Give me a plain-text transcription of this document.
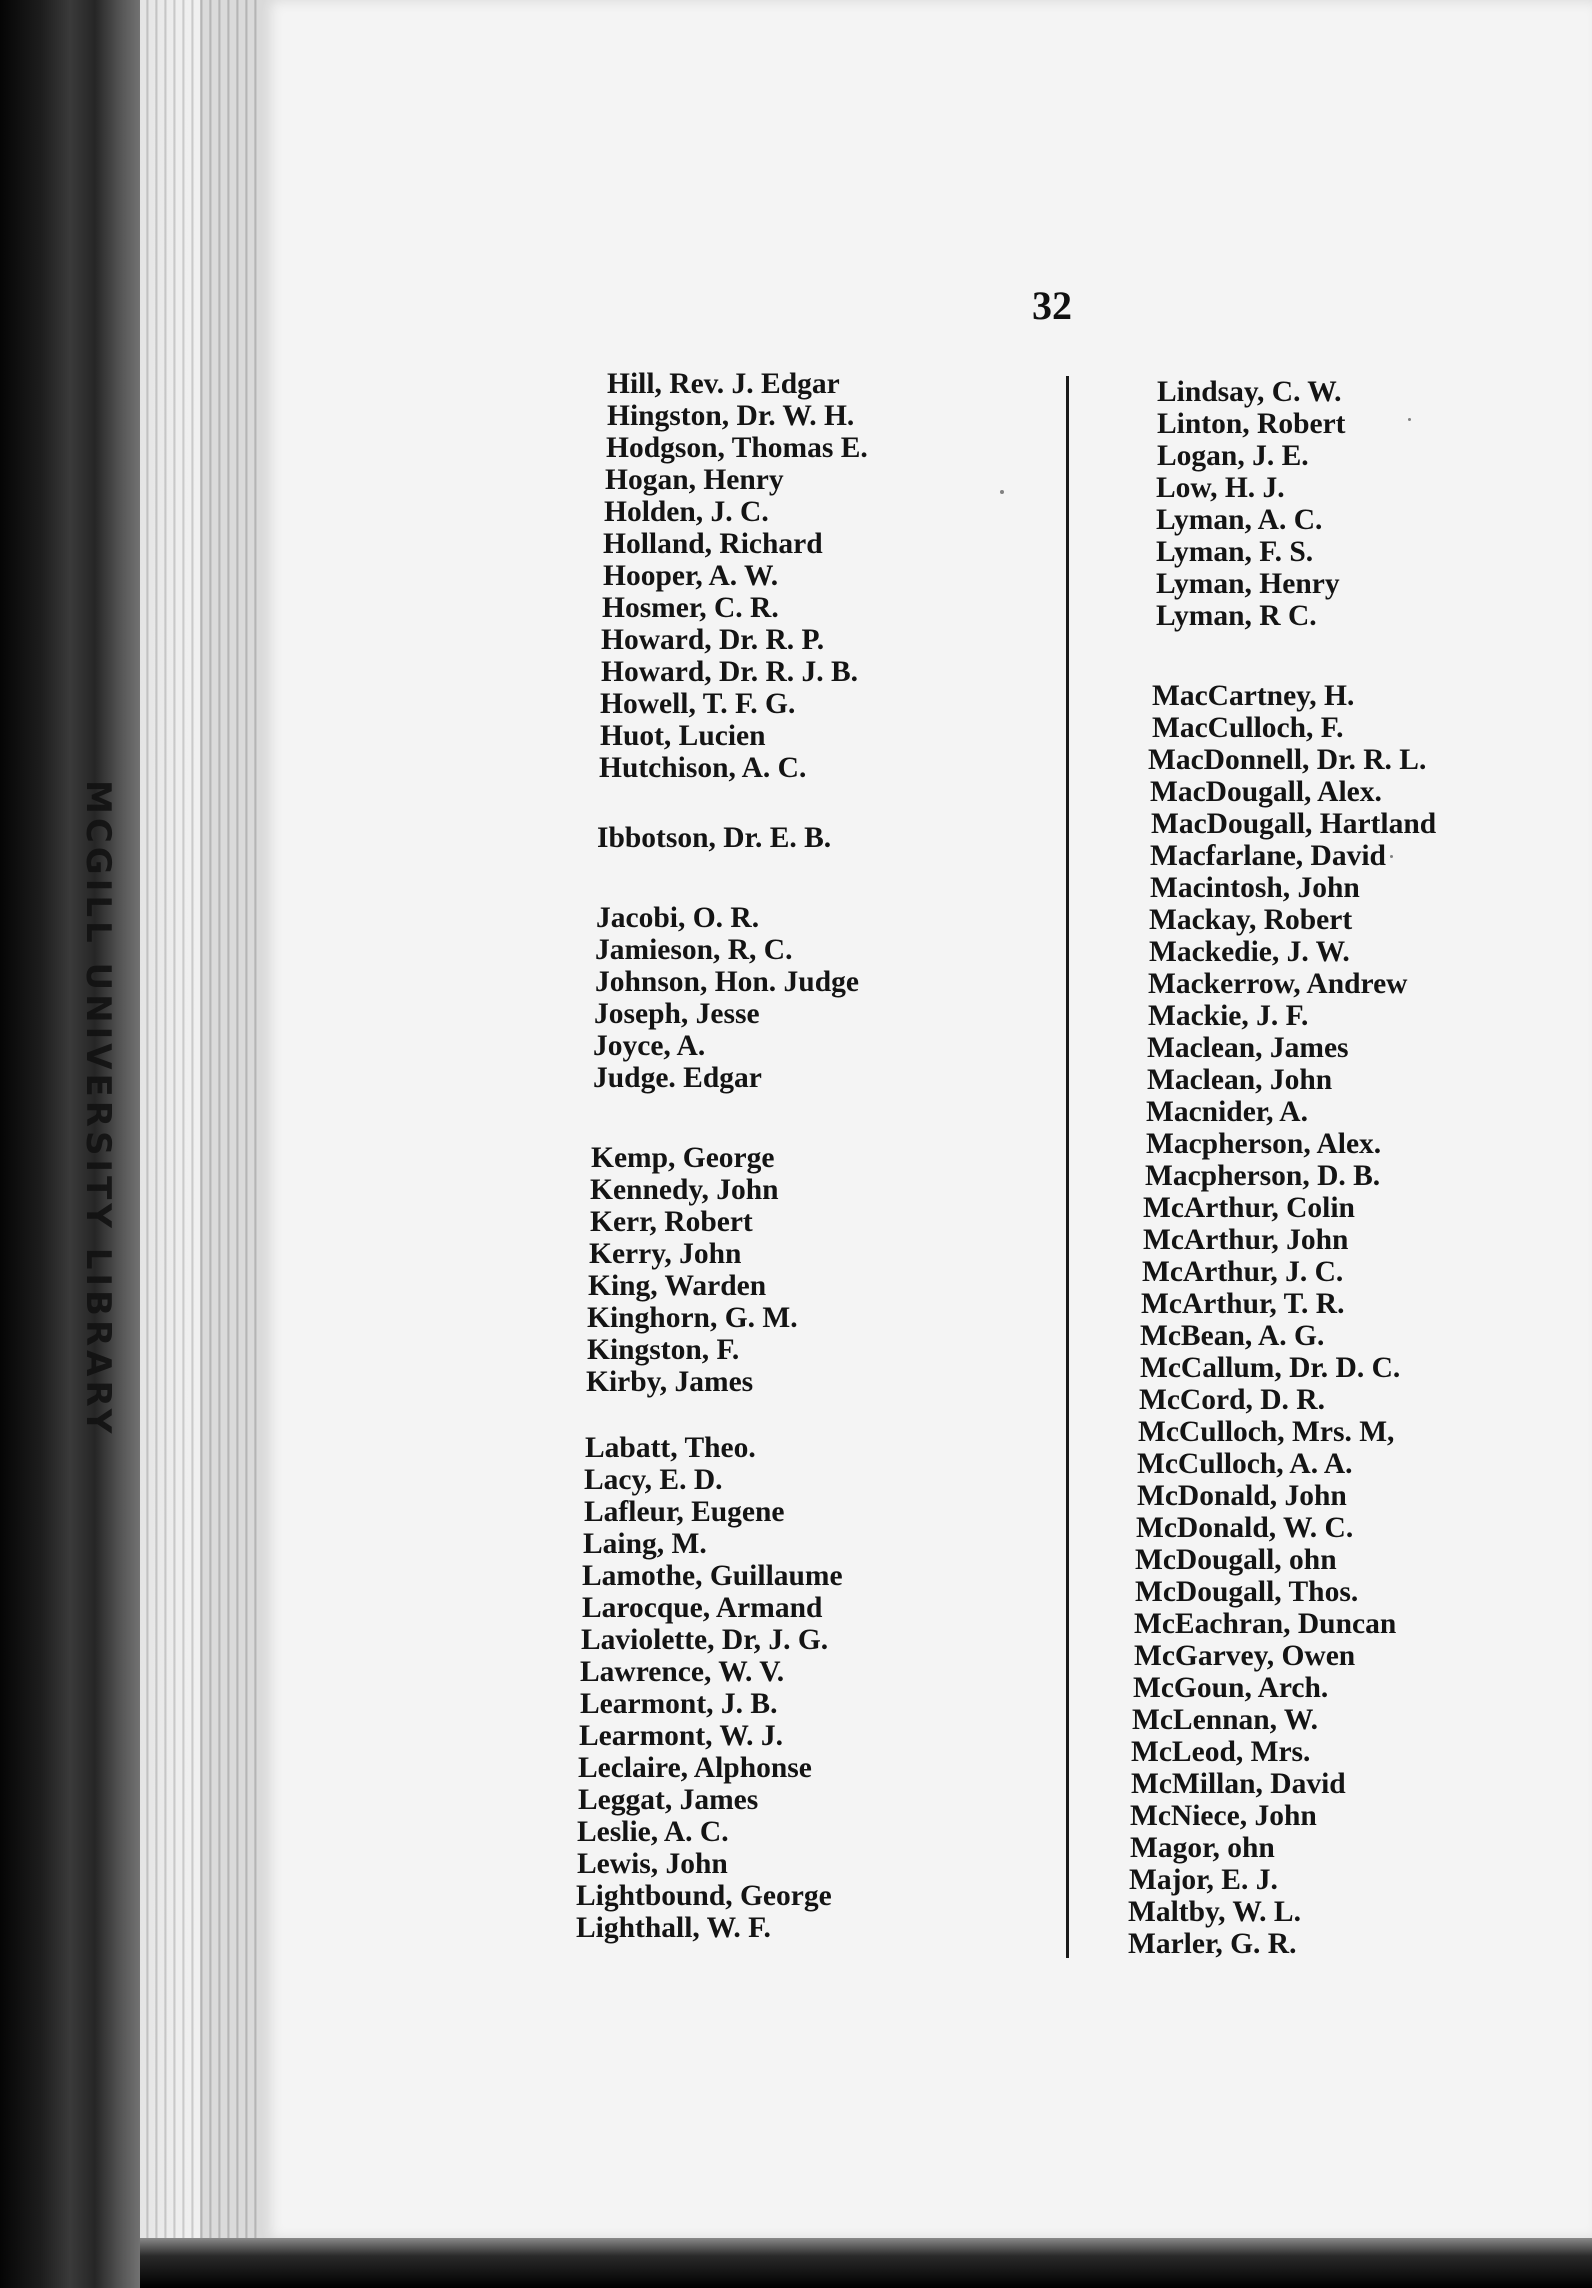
MCGILL UNIVERSITY LIBRARY
32
Hill, Rev. J. Edgar
Hingston, Dr. W. H.
Hodgson, Thomas E.
Hogan, Henry
Holden, J. C.
Holland, Richard
Hooper, A. W.
Hosmer, C. R.
Howard, Dr. R. P.
Howard, Dr. R. J. B.
Howell, T. F. G.
Huot, Lucien
Hutchison, A. C.
Ibbotson, Dr. E. B.
Jacobi, O. R.
Jamieson, R, C.
Johnson, Hon. Judge
Joseph, Jesse
Joyce, A.
Judge. Edgar
Kemp, George
Kennedy, John
Kerr, Robert
Kerry, John
King, Warden
Kinghorn, G. M.
Kingston, F.
Kirby, James
Labatt, Theo.
Lacy, E. D.
Lafleur, Eugene
Laing, M.
Lamothe, Guillaume
Larocque, Armand
Laviolette, Dr, J. G.
Lawrence, W. V.
Learmont, J. B.
Learmont, W. J.
Leclaire, Alphonse
Leggat, James
Leslie, A. C.
Lewis, John
Lightbound, George
Lighthall, W. F.
Lindsay, C. W.
Linton, Robert
Logan, J. E.
Low, H. J.
Lyman, A. C.
Lyman, F. S.
Lyman, Henry
Lyman, R C.
MacCartney, H.
MacCulloch, F.
MacDonnell, Dr. R. L.
MacDougall, Alex.
MacDougall, Hartland
Macfarlane, David
Macintosh, John
Mackay, Robert
Mackedie, J. W.
Mackerrow, Andrew
Mackie, J. F.
Maclean, James
Maclean, John
Macnider, A.
Macpherson, Alex.
Macpherson, D. B.
McArthur, Colin
McArthur, John
McArthur, J. C.
McArthur, T. R.
McBean, A. G.
McCallum, Dr. D. C.
McCord, D. R.
McCulloch, Mrs. M,
McCulloch, A. A.
McDonald, John
McDonald, W. C.
McDougall, ohn
McDougall, Thos.
McEachran, Duncan
McGarvey, Owen
McGoun, Arch.
McLennan, W.
McLeod, Mrs.
McMillan, David
McNiece, John
Magor, ohn
Major, E. J.
Maltby, W. L.
Marler, G. R.
